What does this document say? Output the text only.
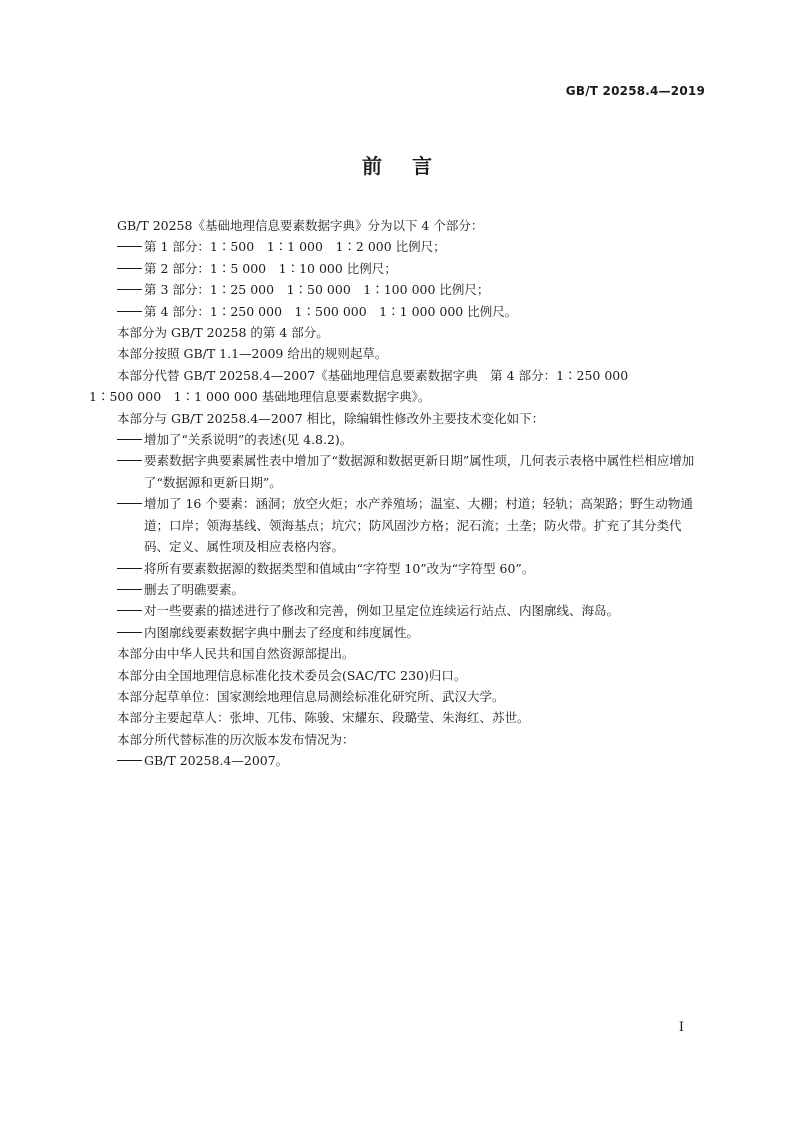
GB/T 20258.4—2019
前言

GB/T 20258《基础地理信息要素数据字典》分为以下 4 个部分：

第 1 部分：1∶500　1∶1 000　1∶2 000 比例尺；

第 2 部分：1∶5 000　1∶10 000 比例尺；

第 3 部分：1∶25 000　1∶50 000　1∶100 000 比例尺；

第 4 部分：1∶250 000　1∶500 000　1∶1 000 000 比例尺。

本部分为 GB/T 20258 的第 4 部分。

本部分按照 GB/T 1.1—2009 给出的规则起草。

本部分代替 GB/T 20258.4—2007《基础地理信息要素数据字典　第 4 部分：1∶250 000
1∶500 000　1∶1 000 000 基础地理信息要素数据字典》。

本部分与 GB/T 20258.4—2007 相比，除编辑性修改外主要技术变化如下：

增加了“关系说明”的表述(见 4.8.2)。

要素数据字典要素属性表中增加了“数据源和数据更新日期”属性项，几何表示表格中属性栏相应增加了“数据源和更新日期”。

增加了 16 个要素：涵洞；放空火炬；水产养殖场；温室、大棚；村道；轻轨；高架路；野生动物通道；口岸；领海基线、领海基点；坑穴；防风固沙方格；泥石流；土垄；防火带。扩充了其分类代码、定义、属性项及相应表格内容。

将所有要素数据源的数据类型和值域由“字符型 10”改为“字符型 60”。

删去了明礁要素。

对一些要素的描述进行了修改和完善，例如卫星定位连续运行站点、内图廓线、海岛。

内图廓线要素数据字典中删去了经度和纬度属性。

本部分由中华人民共和国自然资源部提出。

本部分由全国地理信息标准化技术委员会(SAC/TC 230)归口。

本部分起草单位：国家测绘地理信息局测绘标准化研究所、武汉大学。

本部分主要起草人：张坤、兀伟、陈骏、宋耀东、段璐莹、朱海红、苏世。

本部分所代替标准的历次版本发布情况为：

GB/T 20258.4—2007。

I
